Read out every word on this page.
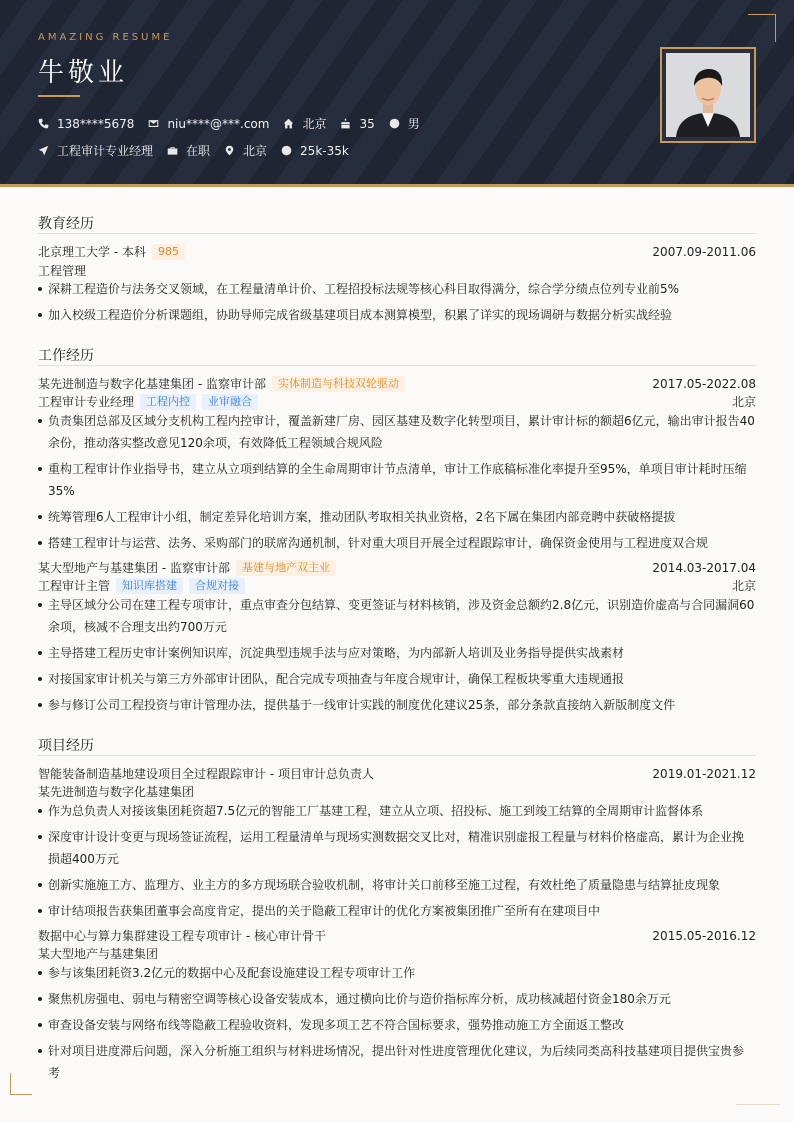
AMAZING RESUME
牛敬业
138****5678	niu****@***.com	北京	35	男
工程审计专业经理	在职	北京	25k-35k
教育经历
北京理工大学 - 本科	985	2007.09-2011.06
工程管理
深耕工程造价与法务交叉领域，在工程量清单计价、工程招投标法规等核心科目取得满分，综合学分绩点位列专业前5%
加入校级工程造价分析课题组，协助导师完成省级基建项目成本测算模型，积累了详实的现场调研与数据分析实战经验
工作经历
某先进制造与数字化基建集团 - 监察审计部	实体制造与科技双轮驱动	2017.05-2022.08
工程审计专业经理	工程内控	业审融合	北京
负责集团总部及区域分支机构工程内控审计，覆盖新建厂房、园区基建及数字化转型项目，累计审计标的额超6亿元，输出审计报告40
余份，推动落实整改意见120余项，有效降低工程领域合规风险
重构工程审计作业指导书，建立从立项到结算的全生命周期审计节点清单，审计工作底稿标准化率提升至95%，单项目审计耗时压缩
35%
统筹管理6人工程审计小组，制定差异化培训方案，推动团队考取相关执业资格，2名下属在集团内部竞聘中获破格提拔
搭建工程审计与运营、法务、采购部门的联席沟通机制，针对重大项目开展全过程跟踪审计，确保资金使用与工程进度双合规
某大型地产与基建集团 - 监察审计部	基建与地产双主业	2014.03-2017.04
工程审计主管	知识库搭建	合规对接	北京
主导区域分公司在建工程专项审计，重点审查分包结算、变更签证与材料核销，涉及资金总额约2.8亿元，识别造价虚高与合同漏洞60
余项，核减不合理支出约700万元
主导搭建工程历史审计案例知识库，沉淀典型违规手法与应对策略，为内部新人培训及业务指导提供实战素材
对接国家审计机关与第三方外部审计团队，配合完成专项抽查与年度合规审计，确保工程板块零重大违规通报
参与修订公司工程投资与审计管理办法，提供基于一线审计实践的制度优化建议25条，部分条款直接纳入新版制度文件
项目经历
智能装备制造基地建设项目全过程跟踪审计 - 项目审计总负责人	2019.01-2021.12
某先进制造与数字化基建集团
作为总负责人对接该集团耗资超7.5亿元的智能工厂基建工程，建立从立项、招投标、施工到竣工结算的全周期审计监督体系
深度审计设计变更与现场签证流程，运用工程量清单与现场实测数据交叉比对，精准识别虚报工程量与材料价格虚高，累计为企业挽
损超400万元
创新实施施工方、监理方、业主方的多方现场联合验收机制，将审计关口前移至施工过程，有效杜绝了质量隐患与结算扯皮现象
审计结项报告获集团董事会高度肯定，提出的关于隐蔽工程审计的优化方案被集团推广至所有在建项目中
数据中心与算力集群建设工程专项审计 - 核心审计骨干	2015.05-2016.12
某大型地产与基建集团
参与该集团耗资3.2亿元的数据中心及配套设施建设工程专项审计工作
聚焦机房强电、弱电与精密空调等核心设备安装成本，通过横向比价与造价指标库分析，成功核减超付资金180余万元
审查设备安装与网络布线等隐蔽工程验收资料，发现多项工艺不符合国标要求，强势推动施工方全面返工整改
针对项目进度滞后问题，深入分析施工组织与材料进场情况，提出针对性进度管理优化建议，为后续同类高科技基建项目提供宝贵参
考
